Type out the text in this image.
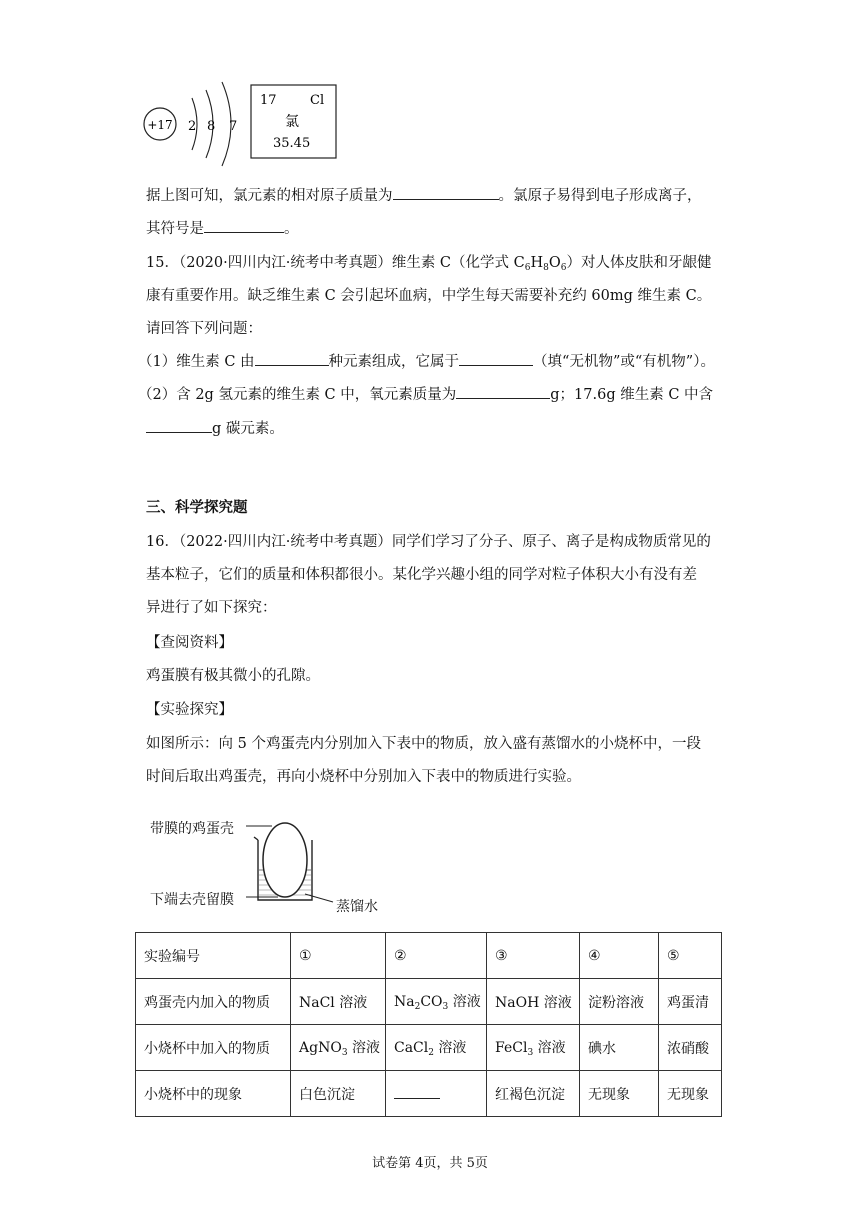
+17 2 8 7
17	Cl
氯
35.45
据上图可知，氯元素的相对原子质量为	。氯原子易得到电子形成离子，
其符号是	。
15．（2020·四川内江·统考中考真题）维生素 C（化学式 $C_6H_8O_6$）对人体皮肤和牙龈健
康有重要作用。缺乏维生素 C 会引起坏血病，中学生每天需要补充约 60mg 维生素 C。
请回答下列问题：
（1）维生素 C 由	种元素组成，它属于	（填“无机物”或“有机物”）。
（2）含 2g 氢元素的维生素 C 中，氧元素质量为	g；17.6g 维生素 C 中含
g 碳元素。
三、科学探究题
16．（2022·四川内江·统考中考真题）同学们学习了分子、原子、离子是构成物质常见的
基本粒子，它们的质量和体积都很小。某化学兴趣小组的同学对粒子体积大小有没有差
异进行了如下探究：
【查阅资料】
鸡蛋膜有极其微小的孔隙。
【实验探究】
如图所示：向 5 个鸡蛋壳内分别加入下表中的物质，放入盛有蒸馏水的小烧杯中，一段
时间后取出鸡蛋壳，再向小烧杯中分别加入下表中的物质进行实验。
带膜的鸡蛋壳
下端去壳留膜	蒸馏水
实验编号	①	②	③	④	⑤
鸡蛋壳内加入的物质	NaCl 溶液	$Na_2CO_3$ 溶液	NaOH 溶液	淀粉溶液	鸡蛋清
小烧杯中加入的物质	AgNO$_3$ 溶液	CaCl$_2$ 溶液	FeCl$_3$ 溶液	碘水	浓硝酸
小烧杯中的现象	白色沉淀		红褐色沉淀	无现象	无现象
试卷第 4页，共 5页
